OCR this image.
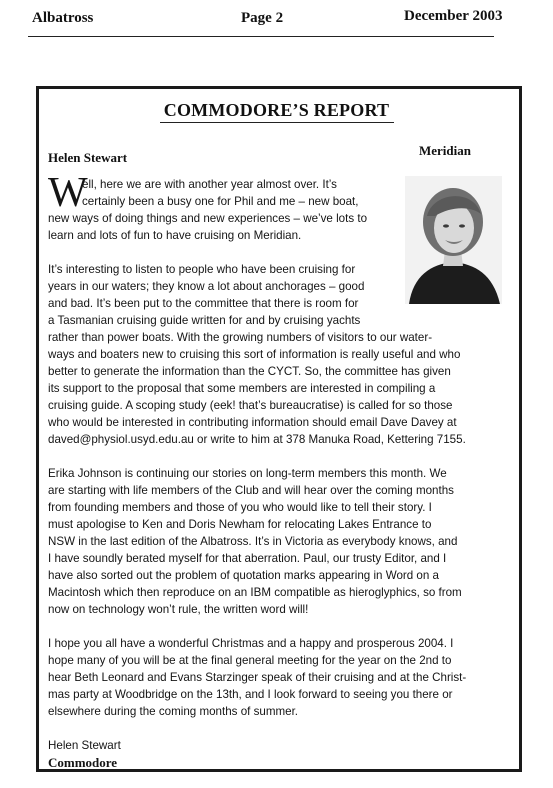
Albatross	Page 2	December 2003
COMMODORE’S REPORT
Helen Stewart	Meridian

W
ell, here we are with another year almost over. It’s
certainly been a busy one for Phil and me – new boat,
new ways of doing things and new experiences – we’ve lots to
learn and lots of fun to have cruising on Meridian.

It’s interesting to listen to people who have been cruising for
years in our waters; they know a lot about anchorages – good
and bad. It’s been put to the committee that there is room for
a Tasmanian cruising guide written for and by cruising yachts
rather than power boats. With the growing numbers of visitors to our water-
ways and boaters new to cruising this sort of information is really useful and who
better to generate the information than the CYCT. So, the committee has given
its support to the proposal that some members are interested in compiling a
cruising guide. A scoping study (eek! that’s bureaucratise) is called for so those
who would be interested in contributing information should email Dave Davey at
daved@physiol.usyd.edu.au or write to him at 378 Manuka Road, Kettering 7155.

Erika Johnson is continuing our stories on long-term members this month. We
are starting with life members of the Club and will hear over the coming months
from founding members and those of you who would like to tell their story. I
must apologise to Ken and Doris Newham for relocating Lakes Entrance to
NSW in the last edition of the Albatross. It’s in Victoria as everybody knows, and
I have soundly berated myself for that aberration. Paul, our trusty Editor, and I
have also sorted out the problem of quotation marks appearing in Word on a
Macintosh which then reproduce on an IBM compatible as hieroglyphics, so from
now on technology won’t rule, the written word will!

I hope you all have a wonderful Christmas and a happy and prosperous 2004. I
hope many of you will be at the final general meeting for the year on the 2nd to
hear Beth Leonard and Evans Starzinger speak of their cruising and at the Christ-
mas party at Woodbridge on the 13th, and I look forward to seeing you there or
elsewhere during the coming months of summer.

Helen Stewart
Commodore
